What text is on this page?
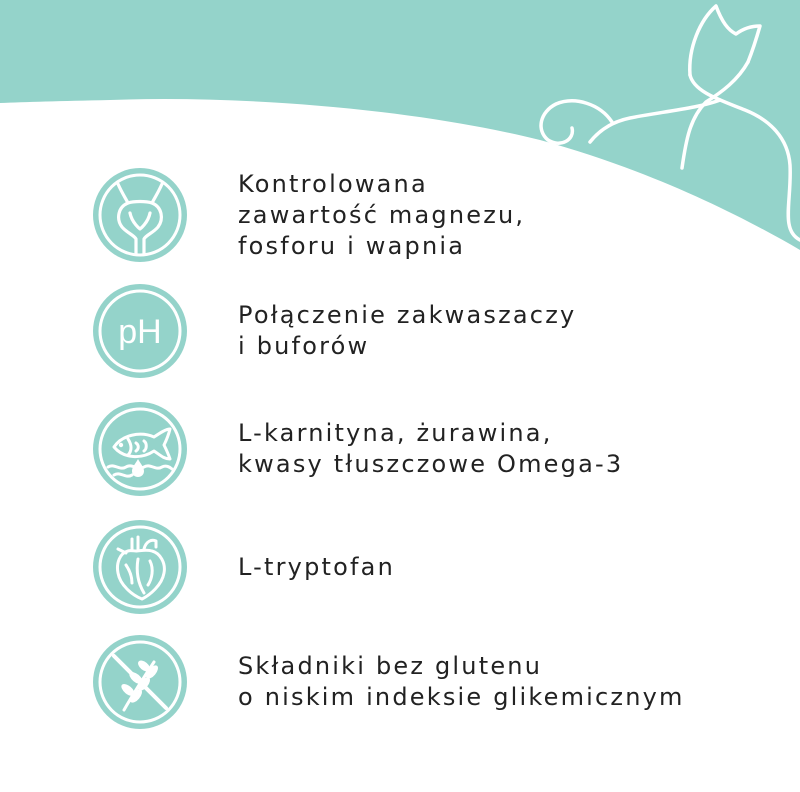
Kontrolowana
zawartość magnezu,
fosforu i wapnia
pH	Połączenie zakwaszaczy
i buforów
L-karnityna, żurawina,
kwasy tłuszczowe Omega-3
L-tryptofan
Składniki bez glutenu
o niskim indeksie glikemicznym
